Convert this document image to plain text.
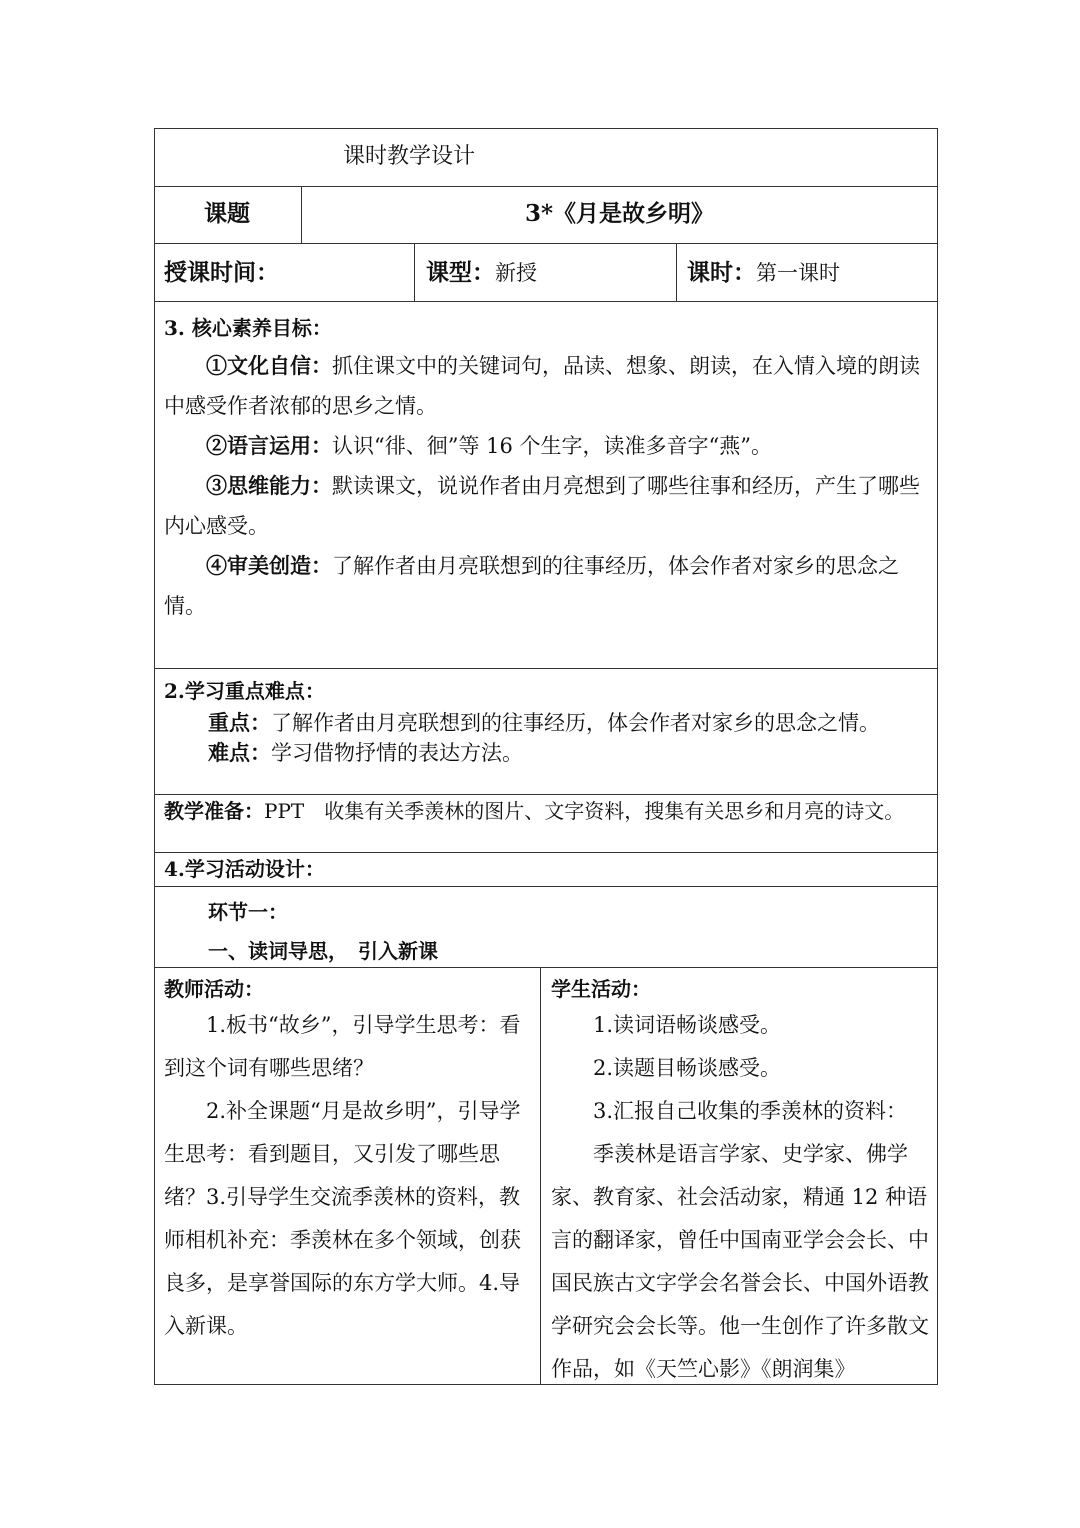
课时教学设计
课题	3*《月是故乡明》
授课时间：	课型：新授	课时：第一课时
3. 核心素养目标：

①文化自信：抓住课文中的关键词句，品读、想象、朗读，在入情入境的朗读中感受作者浓郁的思乡之情。

②语言运用：认识“徘、徊”等 16 个生字，读准多音字“燕”。

③思维能力：默读课文，说说作者由月亮想到了哪些往事和经历，产生了哪些内心感受。

④审美创造：了解作者由月亮联想到的往事经历，体会作者对家乡的思念之情。

2.学习重点难点：
重点：了解作者由月亮联想到的往事经历，体会作者对家乡的思念之情。
难点：学习借物抒情的表达方法。
教学准备：PPT　收集有关季羡林的图片、文字资料，搜集有关思乡和月亮的诗文。
4.学习活动设计：
环节一：
一、读词导思，　引入新课
教师活动：

1.板书“故乡”，引导学生思考：看到这个词有哪些思绪？

2.补全课题“月是故乡明”，引导学生思考：看到题目，又引发了哪些思绪？3.引导学生交流季羡林的资料，教师相机补充：季羡林在多个领域，创获良多，是享誉国际的东方学大师。4.导入新课。

学生活动：

1.读词语畅谈感受。

2.读题目畅谈感受。

3.汇报自己收集的季羡林的资料：

季羡林是语言学家、史学家、佛学家、教育家、社会活动家，精通 12 种语言的翻译家，曾任中国南亚学会会长、中国民族古文字学会名誉会长、中国外语教学研究会会长等。他一生创作了许多散文作品，如《天竺心影》《朗润集》
